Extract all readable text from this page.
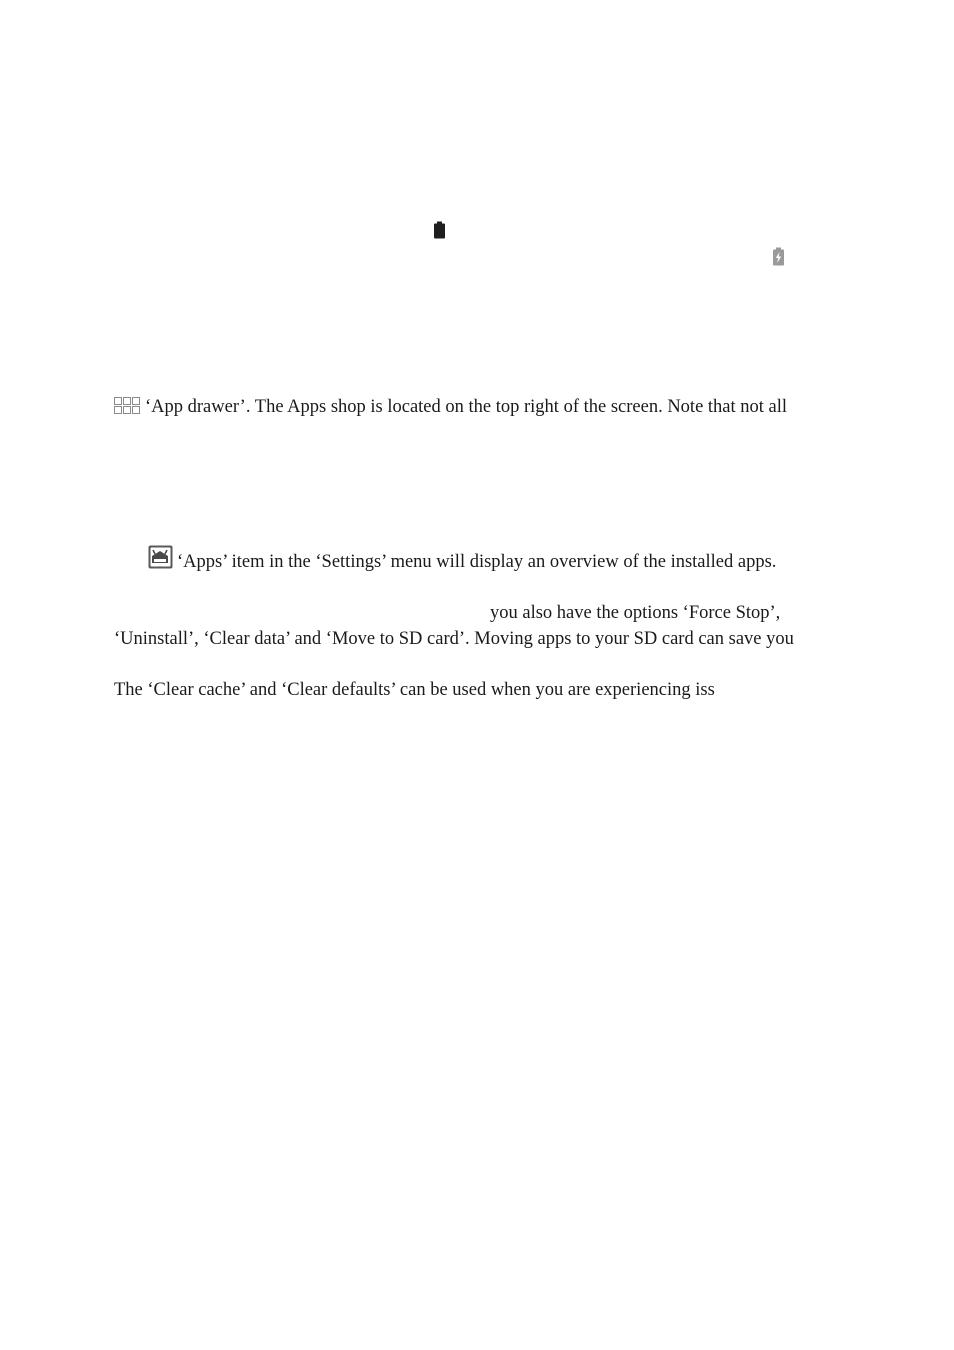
‘App drawer’. The Apps shop is located on the top right of the screen. Note that not all
‘Apps’ item in the ‘Settings’ menu will display an overview of the installed apps.
you also have the options ‘Force Stop’,
‘Uninstall’, ‘Clear data’ and ‘Move to SD card’. Moving apps to your SD card can save you
The ‘Clear cache’ and ‘Clear defaults’ can be used when you are experiencing iss
